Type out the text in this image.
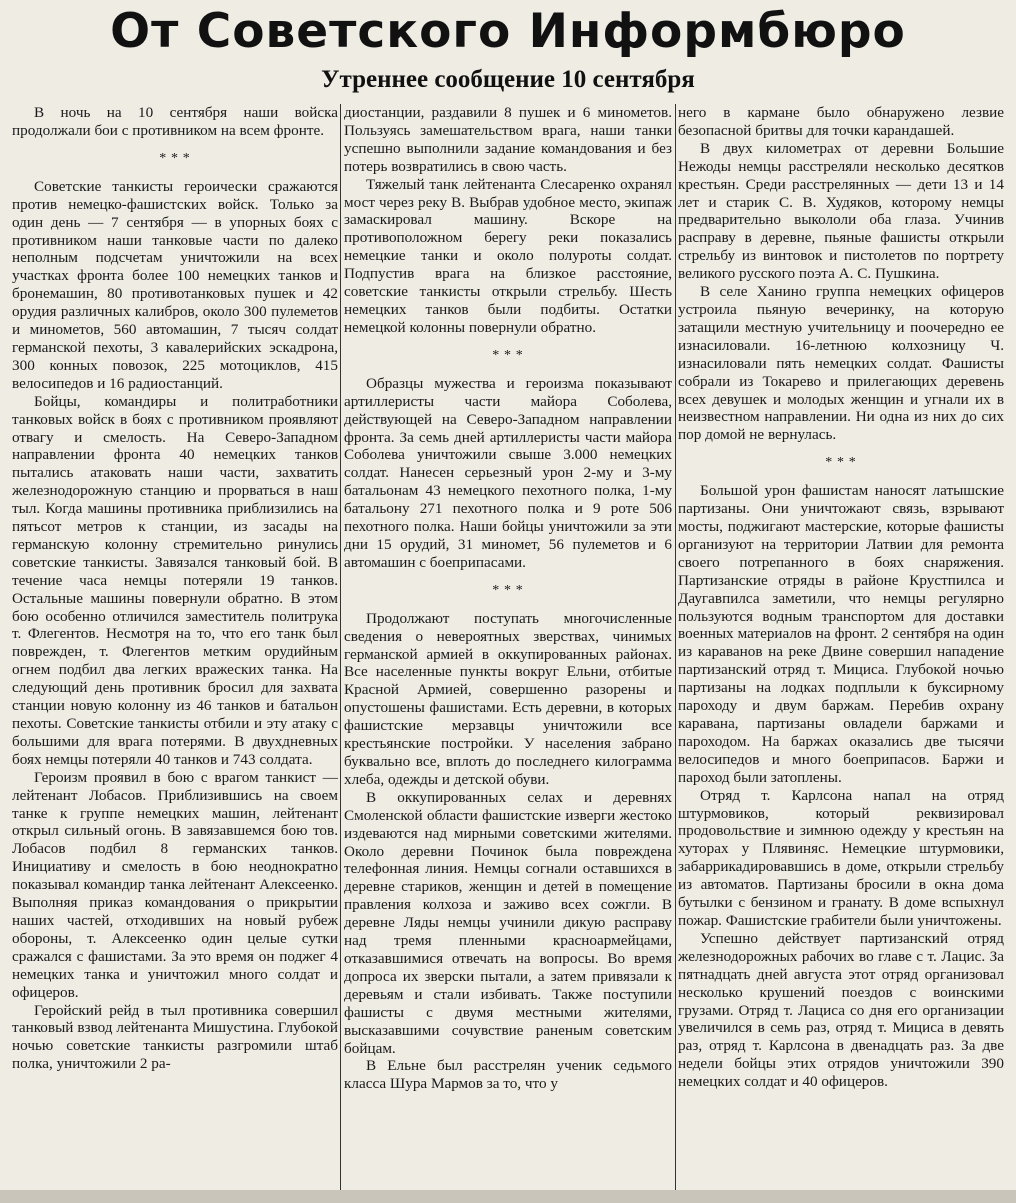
От Советского Информбюро
Утреннее сообщение 10 сентября

В ночь на 10 сентября наши войска продолжали бои с противником на всем фронте.

* * *

Советские танкисты героически сражаются против немецко-фашистских войск. Только за один день — 7 сентября — в упорных боях с противником наши танковые части по далеко неполным подсчетам уничтожили на всех участках фронта более 100 немецких танков и бронемашин, 80 противотанковых пушек и 42 орудия различных калибров, около 300 пулеметов и минометов, 560 автомашин, 7 тысяч солдат германской пехоты, 3 кавалерийских эскадрона, 300 конных повозок, 225 мотоциклов, 415 велосипедов и 16 радиостанций.

Бойцы, командиры и политработники танковых войск в боях с противником проявляют отвагу и смелость. На Северо-Западном направлении фронта 40 немецких танков пытались атаковать наши части, захватить железнодорожную станцию и прорваться в наш тыл. Когда машины противника приблизились на пятьсот метров к станции, из засады на германскую колонну стремительно ринулись советские танкисты. Завязался танковый бой. В течение часа немцы потеряли 19 танков. Остальные машины повернули обратно. В этом бою особенно отличился заместитель политрука т. Флегентов. Несмотря на то, что его танк был поврежден, т. Флегентов метким орудийным огнем подбил два легких вражеских танка. На следующий день противник бросил для захвата станции новую колонну из 46 танков и батальон пехоты. Советские танкисты отбили и эту атаку с большими для врага потерями. В двухдневных боях немцы потеряли 40 танков и 743 солдата.

Героизм проявил в бою с врагом танкист — лейтенант Лобасов. Приблизившись на своем танке к группе немецких машин, лейтенант открыл сильный огонь. В завязавшемся бою тов. Лобасов подбил 8 германских танков. Инициативу и смелость в бою неоднократно показывал командир танка лейтенант Алексеенко. Выполняя приказ командования о прикрытии наших частей, отходивших на новый рубеж обороны, т. Алексеенко один целые сутки сражался с фашистами. За это время он поджег 4 немецких танка и уничтожил много солдат и офицеров.

Геройский рейд в тыл противника совершил танковый взвод лейтенанта Мишустина. Глубокой ночью советские танкисты разгромили штаб полка, уничтожили 2 ра-

диостанции, раздавили 8 пушек и 6 минометов. Пользуясь замешательством врага, наши танки успешно выполнили задание командования и без потерь возвратились в свою часть.

Тяжелый танк лейтенанта Слесаренко охранял мост через реку В. Выбрав удобное место, экипаж замаскировал машину. Вскоре на противоположном берегу реки показались немецкие танки и около полуроты солдат. Подпустив врага на близкое расстояние, советские танкисты открыли стрельбу. Шесть немецких танков были подбиты. Остатки немецкой колонны повернули обратно.

* * *

Образцы мужества и героизма показывают артиллеристы части майора Соболева, действующей на Северо-Западном направлении фронта. За семь дней артиллеристы части майора Соболева уничтожили свыше 3.000 немецких солдат. Нанесен серьезный урон 2-му и 3-му батальонам 43 немецкого пехотного полка, 1-му батальону 271 пехотного полка и 9 роте 506 пехотного полка. Наши бойцы уничтожили за эти дни 15 орудий, 31 миномет, 56 пулеметов и 6 автомашин с боеприпасами.

* * *

Продолжают поступать многочисленные сведения о невероятных зверствах, чинимых германской армией в оккупированных районах. Все населенные пункты вокруг Ельни, отбитые Красной Армией, совершенно разорены и опустошены фашистами. Есть деревни, в которых фашистские мерзавцы уничтожили все крестьянские постройки. У населения забрано буквально все, вплоть до последнего килограмма хлеба, одежды и детской обуви.

В оккупированных селах и деревнях Смоленской области фашистские изверги жестоко издеваются над мирными советскими жителями. Около деревни Починок была повреждена телефонная линия. Немцы согнали оставшихся в деревне стариков, женщин и детей в помещение правления колхоза и заживо всех сожгли. В деревне Ляды немцы учинили дикую расправу над тремя пленными красноармейцами, отказавшимися отвечать на вопросы. Во время допроса их зверски пытали, а затем привязали к деревьям и стали избивать. Также поступили фашисты с двумя местными жителями, высказавшими сочувствие раненым советским бойцам.

В Ельне был расстрелян ученик седьмого класса Шура Мармов за то, что у

него в кармане было обнаружено лезвие безопасной бритвы для точки карандашей.

В двух километрах от деревни Большие Нежоды немцы расстреляли несколько десятков крестьян. Среди расстрелянных — дети 13 и 14 лет и старик С. В. Худяков, которому немцы предварительно выкололи оба глаза. Учинив расправу в деревне, пьяные фашисты открыли стрельбу из винтовок и пистолетов по портрету великого русского поэта А. С. Пушкина.

В селе Ханино группа немецких офицеров устроила пьяную вечеринку, на которую затащили местную учительницу и поочередно ее изнасиловали. 16-летнюю колхозницу Ч. изнасиловали пять немецких солдат. Фашисты собрали из Токарево и прилегающих деревень всех девушек и молодых женщин и угнали их в неизвестном направлении. Ни одна из них до сих пор домой не вернулась.

* * *

Большой урон фашистам наносят латышские партизаны. Они уничтожают связь, взрывают мосты, поджигают мастерские, которые фашисты организуют на территории Латвии для ремонта своего потрепанного в боях снаряжения. Партизанские отряды в районе Крустпилса и Даугавпилса заметили, что немцы регулярно пользуются водным транспортом для доставки военных материалов на фронт. 2 сентября на один из караванов на реке Двине совершил нападение партизанский отряд т. Мициса. Глубокой ночью партизаны на лодках подплыли к буксирному пароходу и двум баржам. Перебив охрану каравана, партизаны овладели баржами и пароходом. На баржах оказались две тысячи велосипедов и много боеприпасов. Баржи и пароход были затоплены.

Отряд т. Карлсона напал на отряд штурмовиков, который реквизировал продовольствие и зимнюю одежду у крестьян на хуторах у Плявиняс. Немецкие штурмовики, забаррикадировавшись в доме, открыли стрельбу из автоматов. Партизаны бросили в окна дома бутылки с бензином и гранату. В доме вспыхнул пожар. Фашистские грабители были уничтожены.

Успешно действует партизанский отряд железнодорожных рабочих во главе с т. Лацис. За пятнадцать дней августа этот отряд организовал несколько крушений поездов с воинскими грузами. Отряд т. Лациса со дня его организации увеличился в семь раз, отряд т. Мициса в девять раз, отряд т. Карлсона в двенадцать раз. За две недели бойцы этих отрядов уничтожили 390 немецких солдат и 40 офицеров.
